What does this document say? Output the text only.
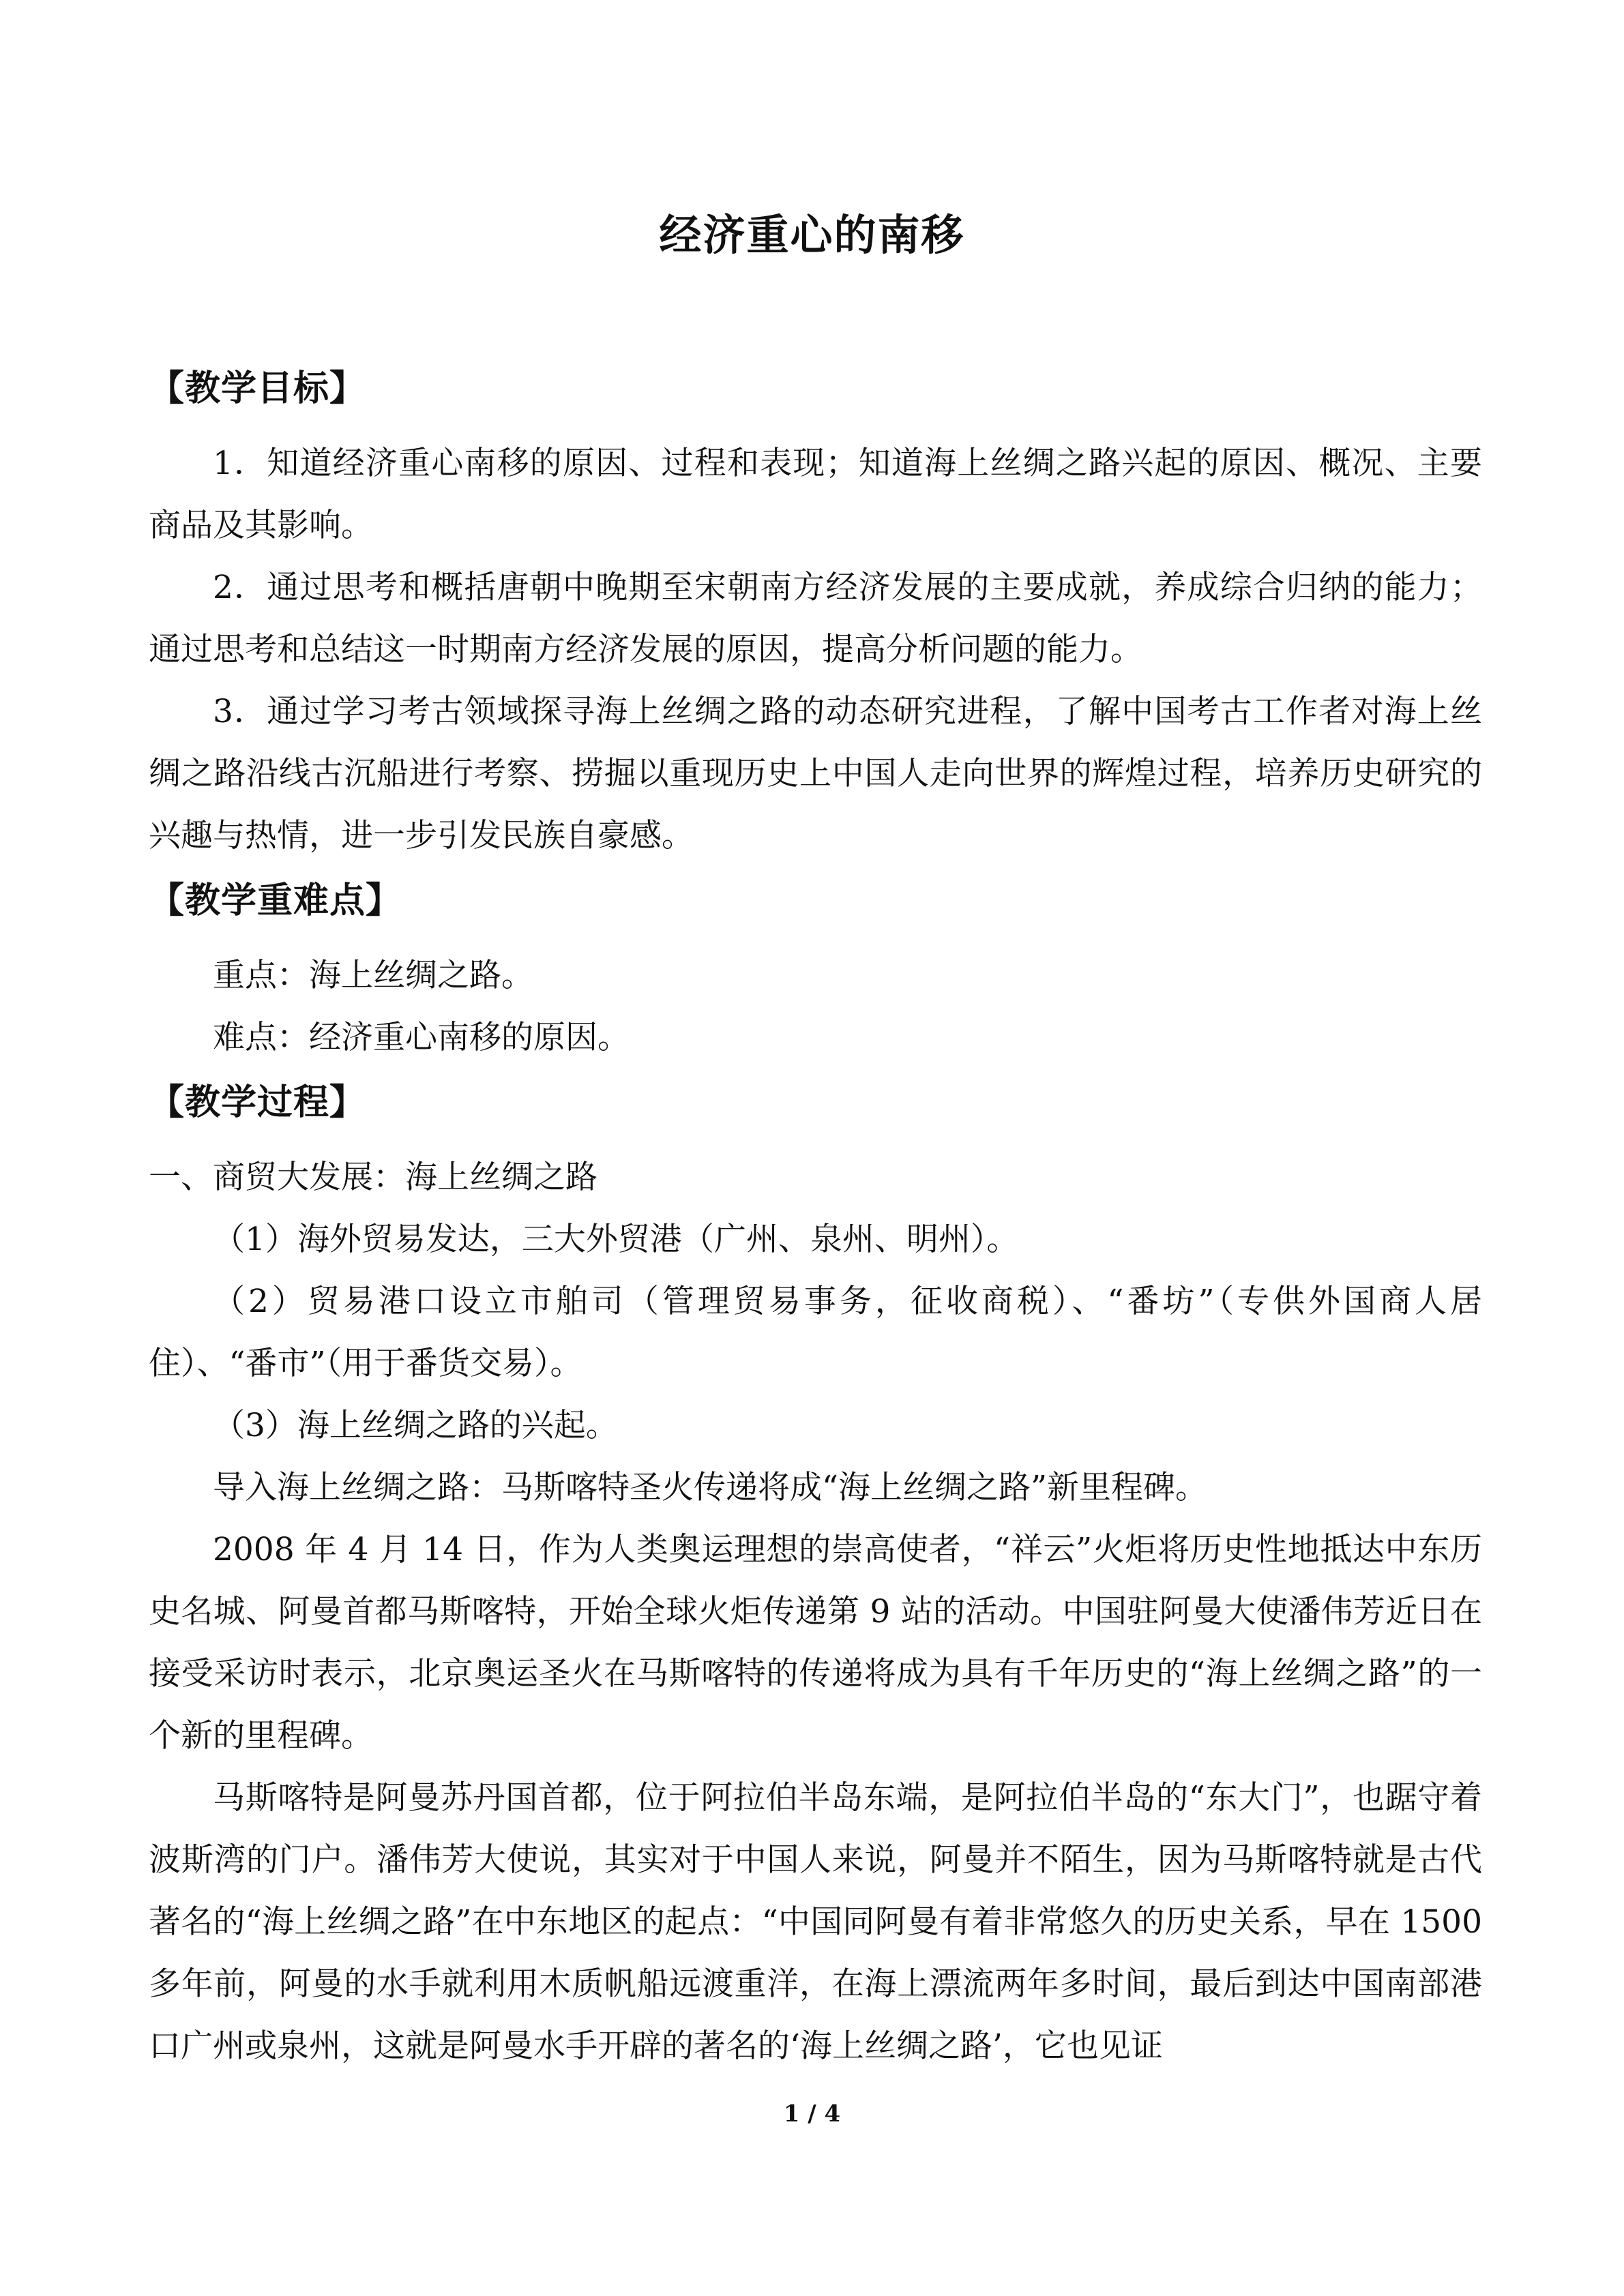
经济重心的南移
【教学目标】

1．知道经济重心南移的原因、过程和表现；知道海上丝绸之路兴起的原因、概况、主要商品及其影响。

2．通过思考和概括唐朝中晚期至宋朝南方经济发展的主要成就，养成综合归纳的能力；通过思考和总结这一时期南方经济发展的原因，提高分析问题的能力。

3．通过学习考古领域探寻海上丝绸之路的动态研究进程，了解中国考古工作者对海上丝绸之路沿线古沉船进行考察、捞掘以重现历史上中国人走向世界的辉煌过程，培养历史研究的兴趣与热情，进一步引发民族自豪感。

【教学重难点】

重点：海上丝绸之路。

难点：经济重心南移的原因。

【教学过程】

一、商贸大发展：海上丝绸之路

（1）海外贸易发达，三大外贸港（广州、泉州、明州）。

（2）贸易港口设立市舶司（管理贸易事务，征收商税）、“番坊”（专供外国商人居住）、“番市”（用于番货交易）。

（3）海上丝绸之路的兴起。

导入海上丝绸之路：马斯喀特圣火传递将成“海上丝绸之路”新里程碑。

2008 年 4 月 14 日，作为人类奥运理想的崇高使者，“祥云”火炬将历史性地抵达中东历史名城、阿曼首都马斯喀特，开始全球火炬传递第 9 站的活动。中国驻阿曼大使潘伟芳近日在接受采访时表示，北京奥运圣火在马斯喀特的传递将成为具有千年历史的“海上丝绸之路”的一个新的里程碑。

马斯喀特是阿曼苏丹国首都，位于阿拉伯半岛东端，是阿拉伯半岛的“东大门”，也踞守着波斯湾的门户。潘伟芳大使说，其实对于中国人来说，阿曼并不陌生，因为马斯喀特就是古代著名的“海上丝绸之路”在中东地区的起点：“中国同阿曼有着非常悠久的历史关系，早在 1500 多年前，阿曼的水手就利用木质帆船远渡重洋，在海上漂流两年多时间，最后到达中国南部港口广州或泉州，这就是阿曼水手开辟的著名的‘海上丝绸之路’，它也见证

1 / 4
